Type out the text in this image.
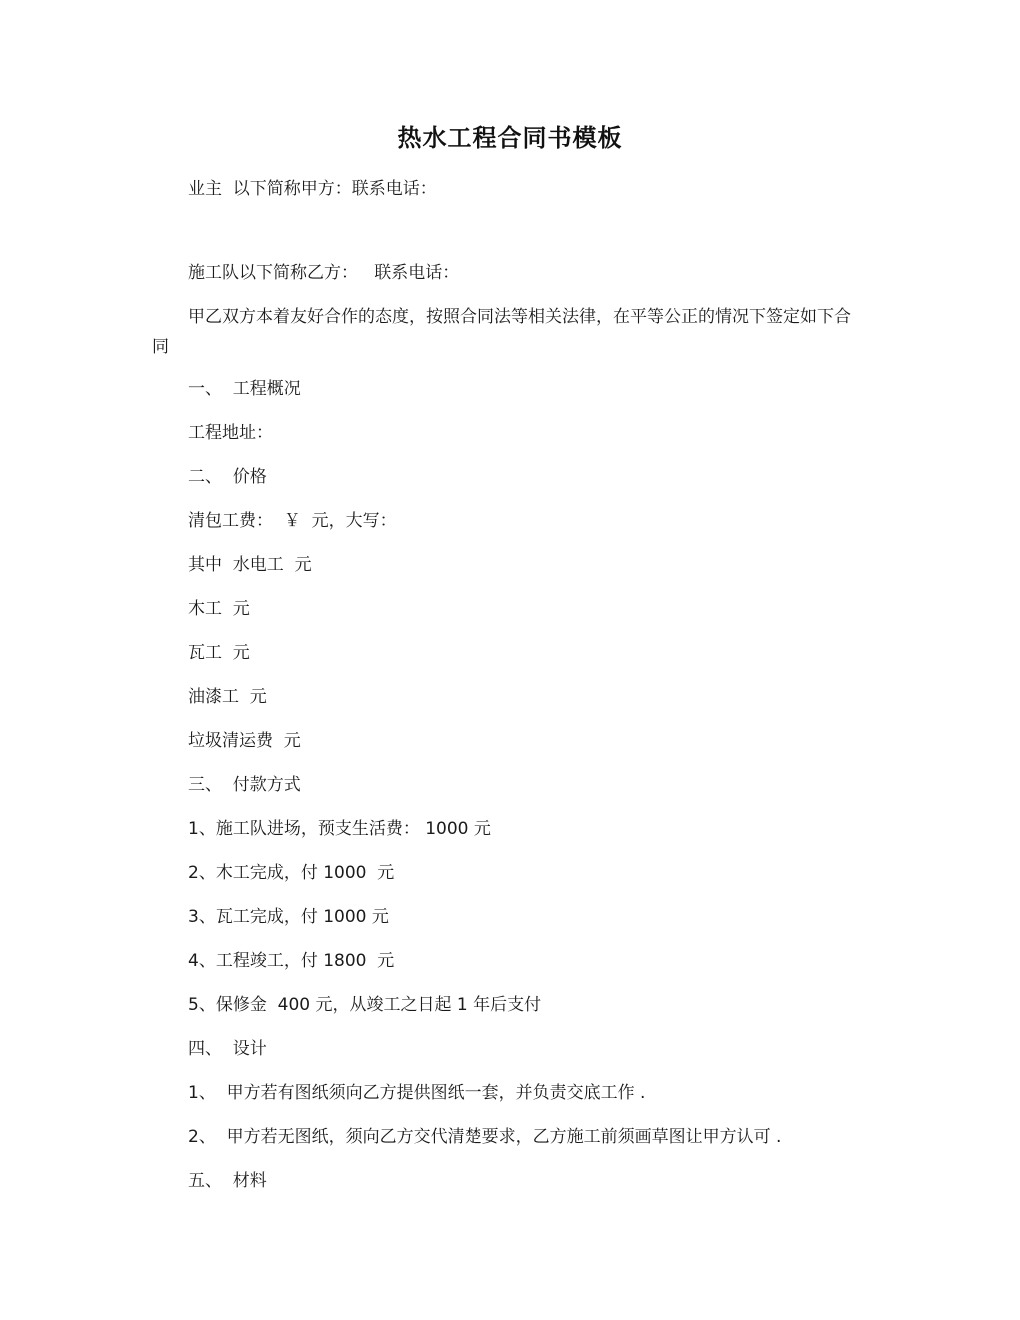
热水工程合同书模板
业主  以下简称甲方：联系电话：
施工队以下简称乙方：   联系电话：
甲乙双方本着友好合作的态度，按照合同法等相关法律，在平等公正的情况下签定如下合同
一、  工程概况
工程地址：
二、  价格
清包工费：  ￥  元，大写：
其中  水电工  元
木工  元
瓦工  元
油漆工  元
垃圾清运费  元
三、  付款方式
1、施工队进场，预支生活费： 1000 元
2、木工完成，付 1000  元
3、瓦工完成，付 1000 元
4、工程竣工，付 1800  元
5、保修金  400 元，从竣工之日起 1 年后支付
四、  设计
1、  甲方若有图纸须向乙方提供图纸一套，并负责交底工作 .
2、  甲方若无图纸，须向乙方交代清楚要求，乙方施工前须画草图让甲方认可 .
五、  材料
